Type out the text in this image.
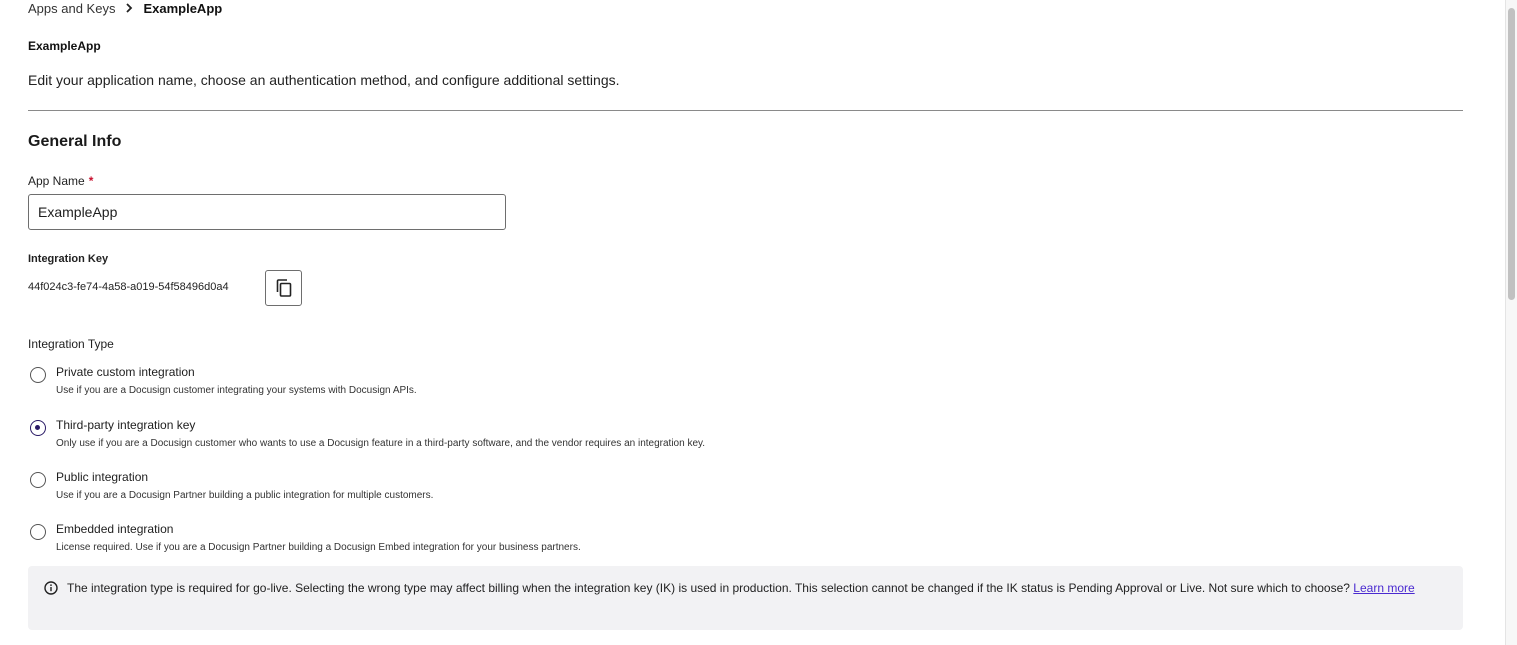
Apps and Keys ExampleApp
ExampleApp
Edit your application name, choose an authentication method, and configure additional settings.
General Info
App Name *
ExampleApp
Integration Key
44f024c3-fe74-4a58-a019-54f58496d0a4
Integration Type
Private custom integration
Use if you are a Docusign customer integrating your systems with Docusign APIs.
Third-party integration key
Only use if you are a Docusign customer who wants to use a Docusign feature in a third-party software, and the vendor requires an integration key.
Public integration
Use if you are a Docusign Partner building a public integration for multiple customers.
Embedded integration
License required. Use if you are a Docusign Partner building a Docusign Embed integration for your business partners.
The integration type is required for go-live. Selecting the wrong type may affect billing when the integration key (IK) is used in production. This selection cannot be changed if the IK status is Pending Approval or Live. Not sure which to choose? Learn more
